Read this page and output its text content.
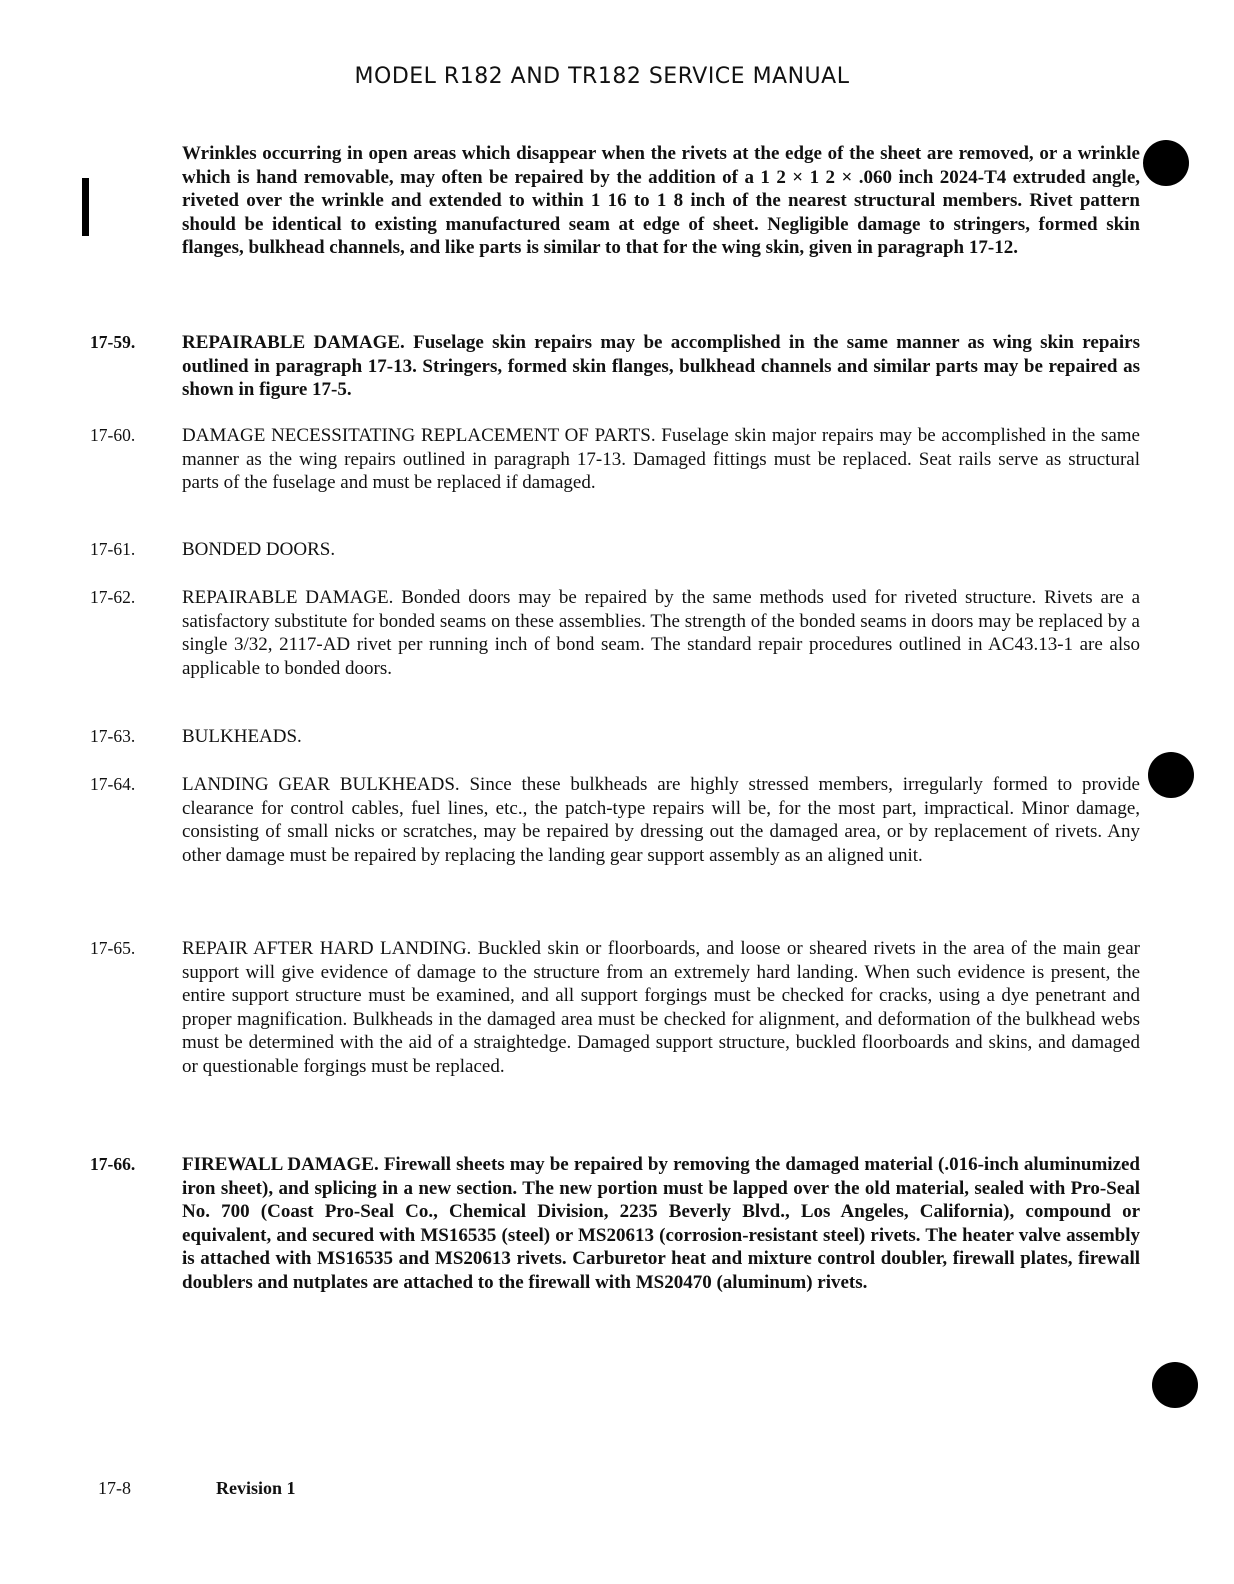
MODEL R182 AND TR182 SERVICE MANUAL
Wrinkles occurring in open areas which disappear when the rivets at the edge of the sheet are removed, or a wrinkle which is hand removable, may often be repaired by the addition of a 1 2 × 1 2 × .060 inch 2024-T4 extruded angle, riveted over the wrinkle and extended to within 1 16 to 1 8 inch of the nearest structural members. Rivet pattern should be identical to existing manufactured seam at edge of sheet. Negligible damage to stringers, formed skin flanges, bulkhead channels, and like parts is similar to that for the wing skin, given in paragraph 17-12.
17-59.	REPAIRABLE DAMAGE. Fuselage skin repairs may be accomplished in the same manner as wing skin repairs outlined in paragraph 17-13. Stringers, formed skin flanges, bulkhead channels and similar parts may be repaired as shown in figure 17-5.
17-60.	DAMAGE NECESSITATING REPLACEMENT OF PARTS. Fuselage skin major repairs may be accomplished in the same manner as the wing repairs outlined in paragraph 17-13. Damaged fittings must be replaced. Seat rails serve as structural parts of the fuselage and must be replaced if damaged.
17-61.	BONDED DOORS.
17-62.	REPAIRABLE DAMAGE. Bonded doors may be repaired by the same methods used for riveted structure. Rivets are a satisfactory substitute for bonded seams on these assemblies. The strength of the bonded seams in doors may be replaced by a single 3/32, 2117-AD rivet per running inch of bond seam. The standard repair procedures outlined in AC43.13-1 are also applicable to bonded doors.
17-63.	BULKHEADS.
17-64.	LANDING GEAR BULKHEADS. Since these bulkheads are highly stressed members, irregularly formed to provide clearance for control cables, fuel lines, etc., the patch-type repairs will be, for the most part, impractical. Minor damage, consisting of small nicks or scratches, may be repaired by dressing out the damaged area, or by replacement of rivets. Any other damage must be repaired by replacing the landing gear support assembly as an aligned unit.
17-65.	REPAIR AFTER HARD LANDING. Buckled skin or floorboards, and loose or sheared rivets in the area of the main gear support will give evidence of damage to the structure from an extremely hard landing. When such evidence is present, the entire support structure must be examined, and all support forgings must be checked for cracks, using a dye penetrant and proper magnification. Bulkheads in the damaged area must be checked for alignment, and deformation of the bulkhead webs must be determined with the aid of a straightedge. Damaged support structure, buckled floorboards and skins, and damaged or questionable forgings must be replaced.
17-66.	FIREWALL DAMAGE. Firewall sheets may be repaired by removing the damaged material (.016-inch aluminumized iron sheet), and splicing in a new section. The new portion must be lapped over the old material, sealed with Pro-Seal No. 700 (Coast Pro-Seal Co., Chemical Division, 2235 Beverly Blvd., Los Angeles, California), compound or equivalent, and secured with MS16535 (steel) or MS20613 (corrosion-resistant steel) rivets. The heater valve assembly is attached with MS16535 and MS20613 rivets. Carburetor heat and mixture control doubler, firewall plates, firewall doublers and nutplates are attached to the firewall with MS20470 (aluminum) rivets.
17-8	Revision 1
